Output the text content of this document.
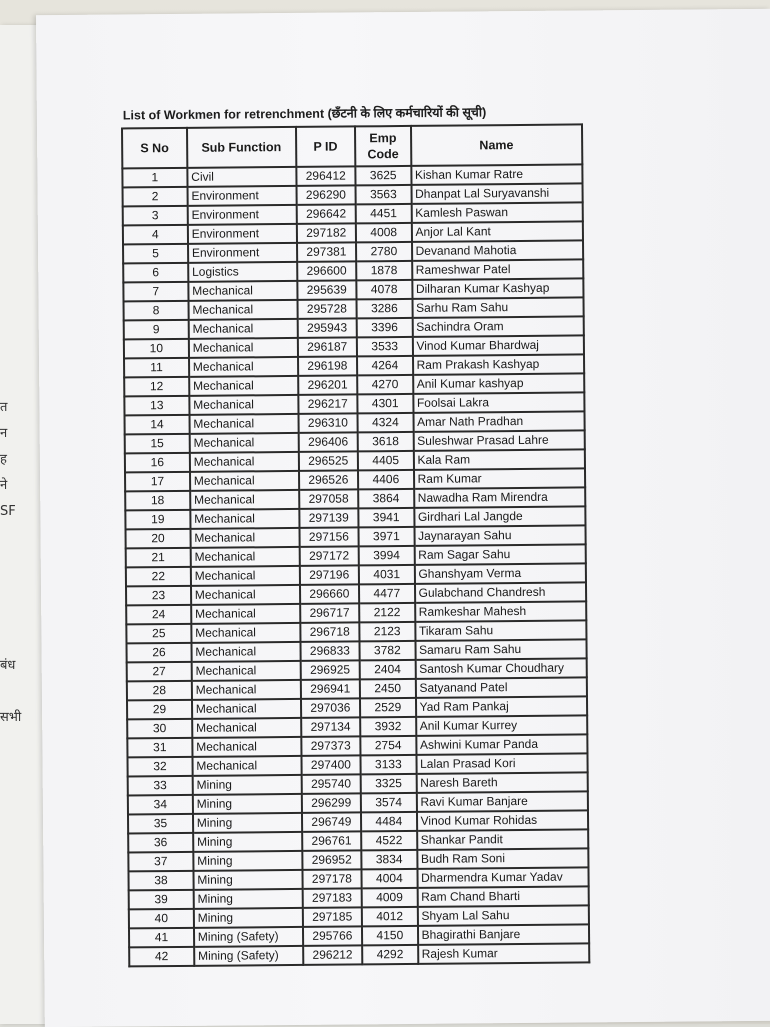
त
न
ह
ने
SF
बंध
सभी
List of Workmen for retrenchment (छँटनी के लिए कर्मचारियों की सूची)
S No	Sub Function	P ID	Emp Code	Name
1	Civil	296412	3625	Kishan Kumar Ratre
2	Environment	296290	3563	Dhanpat Lal Suryavanshi
3	Environment	296642	4451	Kamlesh Paswan
4	Environment	297182	4008	Anjor Lal Kant
5	Environment	297381	2780	Devanand Mahotia
6	Logistics	296600	1878	Rameshwar Patel
7	Mechanical	295639	4078	Dilharan Kumar Kashyap
8	Mechanical	295728	3286	Sarhu Ram Sahu
9	Mechanical	295943	3396	Sachindra Oram
10	Mechanical	296187	3533	Vinod Kumar Bhardwaj
11	Mechanical	296198	4264	Ram Prakash Kashyap
12	Mechanical	296201	4270	Anil Kumar kashyap
13	Mechanical	296217	4301	Foolsai Lakra
14	Mechanical	296310	4324	Amar Nath Pradhan
15	Mechanical	296406	3618	Suleshwar Prasad Lahre
16	Mechanical	296525	4405	Kala Ram
17	Mechanical	296526	4406	Ram Kumar
18	Mechanical	297058	3864	Nawadha Ram Mirendra
19	Mechanical	297139	3941	Girdhari Lal Jangde
20	Mechanical	297156	3971	Jaynarayan Sahu
21	Mechanical	297172	3994	Ram Sagar Sahu
22	Mechanical	297196	4031	Ghanshyam Verma
23	Mechanical	296660	4477	Gulabchand Chandresh
24	Mechanical	296717	2122	Ramkeshar Mahesh
25	Mechanical	296718	2123	Tikaram Sahu
26	Mechanical	296833	3782	Samaru Ram Sahu
27	Mechanical	296925	2404	Santosh Kumar Choudhary
28	Mechanical	296941	2450	Satyanand Patel
29	Mechanical	297036	2529	Yad Ram Pankaj
30	Mechanical	297134	3932	Anil Kumar Kurrey
31	Mechanical	297373	2754	Ashwini Kumar Panda
32	Mechanical	297400	3133	Lalan Prasad Kori
33	Mining	295740	3325	Naresh Bareth
34	Mining	296299	3574	Ravi Kumar Banjare
35	Mining	296749	4484	Vinod Kumar Rohidas
36	Mining	296761	4522	Shankar Pandit
37	Mining	296952	3834	Budh Ram Soni
38	Mining	297178	4004	Dharmendra Kumar Yadav
39	Mining	297183	4009	Ram Chand Bharti
40	Mining	297185	4012	Shyam Lal Sahu
41	Mining (Safety)	295766	4150	Bhagirathi Banjare
42	Mining (Safety)	296212	4292	Rajesh Kumar
